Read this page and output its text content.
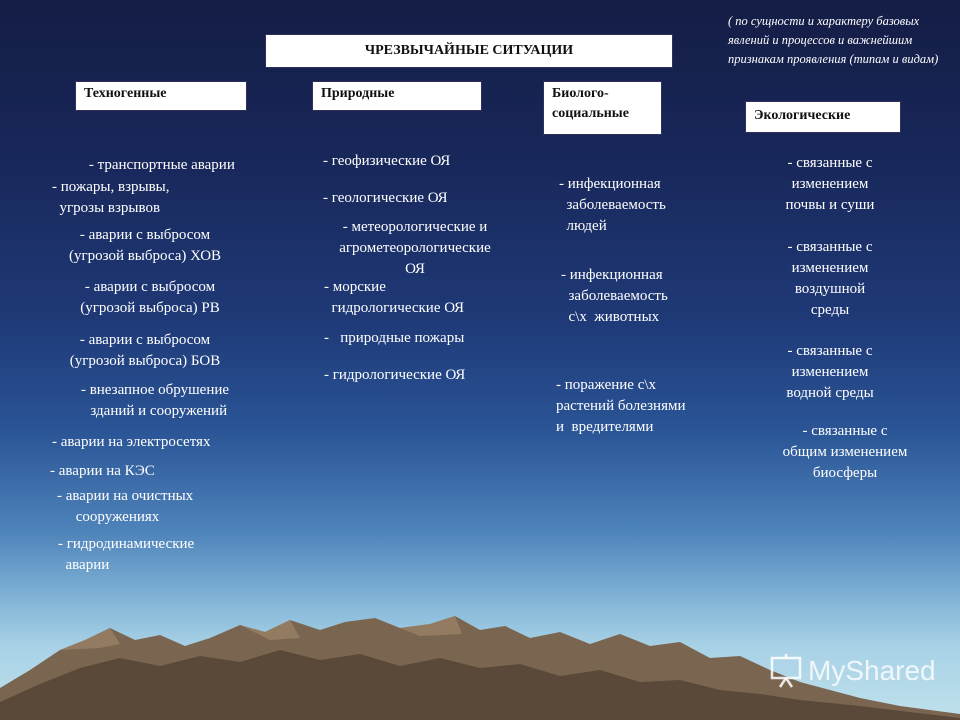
ЧРЕЗВЫЧАЙНЫЕ СИТУАЦИИ
( по сущности и характеру базовых явлений и процессов и важнейшим признакам проявления (типам и видам)
Техногенные	Природные	Биолого-
социальные	Экологические
- транспортные аварии
- пожары, взрывы,
угрозы взрывов
- аварии с выбросом
(угрозой выброса) ХОВ
- аварии с выбросом
(угрозой выброса) РВ
- аварии с выбросом
(угрозой выброса) БОВ
- внезапное обрушение
зданий и сооружений
- аварии на электросетях
- аварии на КЭС
- аварии на очистных
сооружениях
- гидродинамические
аварии
- геофизические ОЯ
- геологические ОЯ
- метеорологические и
агрометеорологические
ОЯ
- морские
гидрологические ОЯ
-   природные пожары
- гидрологические ОЯ
- инфекционная
заболеваемость
людей
- инфекционная
заболеваемость
с\х  животных
- поражение с\х
растений болезнями
и  вредителями
- связанные с
изменением
почвы и суши
- связанные с
изменением
воздушной
среды
- связанные с
изменением
водной среды
- связанные с
общим изменением
биосферы
MyShared
